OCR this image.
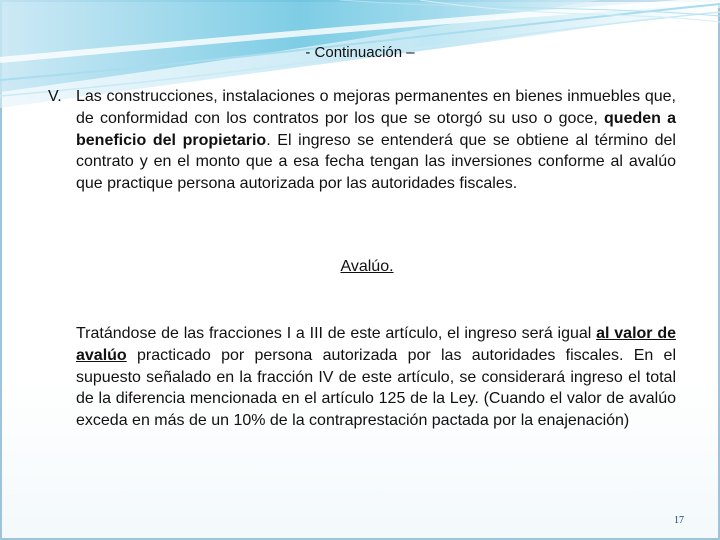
- Continuación –
V. Las construcciones, instalaciones o mejoras permanentes en bienes inmuebles que, de conformidad con los contratos por los que se otorgó su uso o goce, queden a beneficio del propietario. El ingreso se entenderá que se obtiene al término del contrato y en el monto que a esa fecha tengan las inversiones conforme al avalúo que practique persona autorizada por las autoridades fiscales.
Avalúo.
Tratándose de las fracciones I a III de este artículo, el ingreso será igual al valor de avalúo practicado por persona autorizada por las autoridades fiscales. En el supuesto señalado en la fracción IV de este artículo, se considerará ingreso el total de la diferencia mencionada en el artículo 125 de la Ley. (Cuando el valor de avalúo exceda en más de un 10% de la contraprestación pactada por la enajenación)
17
